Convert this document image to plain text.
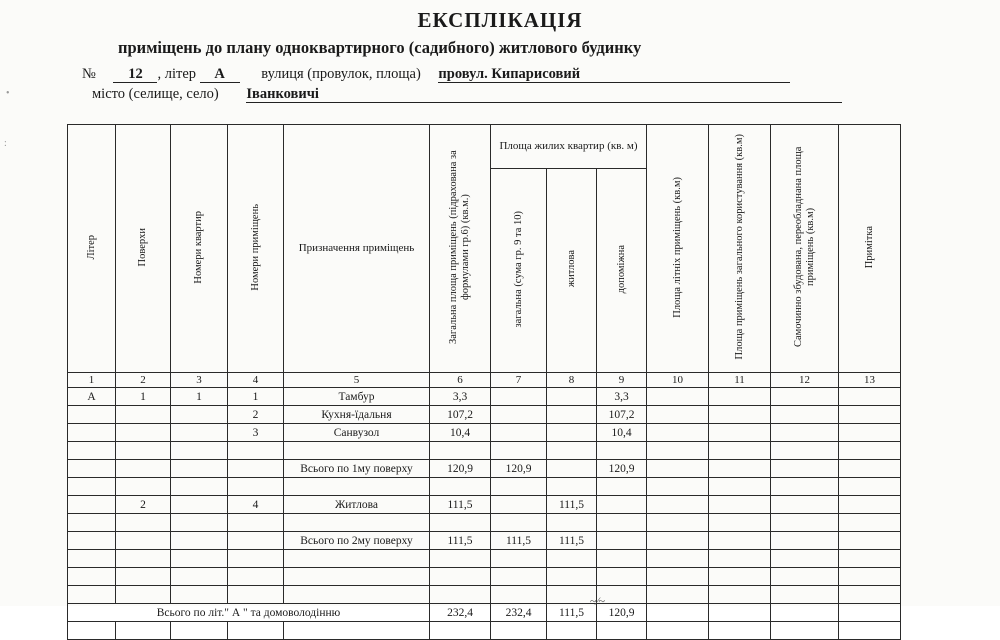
ЕКСПЛІКАЦІЯ
приміщень до плану одноквартирного (садибного) житлового будинку
№ 12 , літер А	вулиця (провулок, площа) провул. Кипарисовий
місто (селище, село) Іванковичі
•
:
Літер	Поверхи	Номери квартир	Номери приміщень	Призначення приміщень	Загальна площа приміщень (підрахована за формулами гр.6) (кв.м.)	Площа жилих квартир (кв. м)			Площа літніх приміщень (кв.м)	Площа приміщень загального користування (кв.м)	Самочинно збудована, переобладнана площа приміщень (кв.м)	Примітка
						загальна (сума гр. 9 та 10)	житлова	допоміжна				
1	2	3	4	5	6	7	8	9	10	11	12	13
А	1	1	1	Тамбур	3,3			3,3				
			2	Кухня-їдальня	107,2			107,2				
			3	Санвузол	10,4			10,4				

				Всього по 1му поверху	120,9	120,9		120,9				

	2		4	Житлова	111,5		111,5					

				Всього по 2му поверху	111,5	111,5	111,5					

Всього по літ." А " та домоволодінню					232,4	232,4	111,5	120,9				

~⁄~
